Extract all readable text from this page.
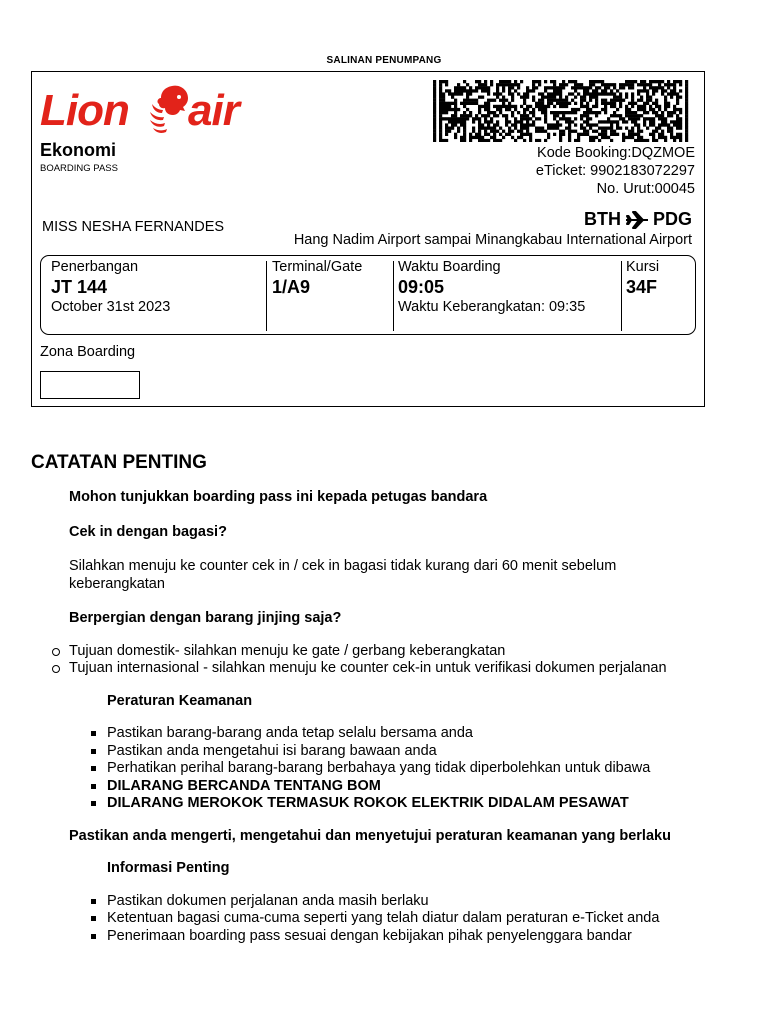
SALINAN PENUMPANG
Lion air
Ekonomi
BOARDING PASS
Kode Booking:DQZMOE
eTicket: 9902183072297
No. Urut:00045
MISS NESHA FERNANDES	BTH PDG
Hang Nadim Airport sampai Minangkabau International Airport
Penerbangan
JT 144
October 31st 2023
Terminal/Gate
1/A9
Waktu Boarding
09:05
Waktu Keberangkatan: 09:35
Kursi
34F
Zona Boarding
CATATAN PENTING

Mohon tunjukkan boarding pass ini kepada petugas bandara

Cek in dengan bagasi?

Silahkan menuju ke counter cek in / cek in bagasi tidak kurang dari 60 menit sebelum keberangkatan

Berpergian dengan barang jinjing saja?

Tujuan domestik- silahkan menuju ke gate / gerbang keberangkatan
Tujuan internasional - silahkan menuju ke counter cek-in untuk verifikasi dokumen perjalanan

Peraturan Keamanan

Pastikan barang-barang anda tetap selalu bersama anda
Pastikan anda mengetahui isi barang bawaan anda
Perhatikan perihal barang-barang berbahaya yang tidak diperbolehkan untuk dibawa
DILARANG BERCANDA TENTANG BOM
DILARANG MEROKOK TERMASUK ROKOK ELEKTRIK DIDALAM PESAWAT

Pastikan anda mengerti, mengetahui dan menyetujui peraturan keamanan yang berlaku

Informasi Penting

Pastikan dokumen perjalanan anda masih berlaku
Ketentuan bagasi cuma-cuma seperti yang telah diatur dalam peraturan e-Ticket anda
Penerimaan boarding pass sesuai dengan kebijakan pihak penyelenggara bandar
